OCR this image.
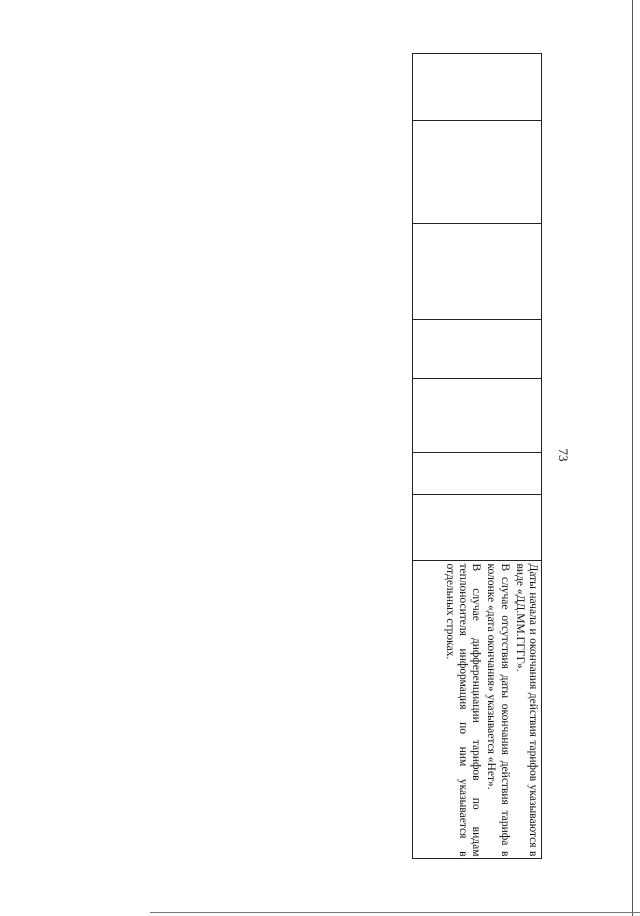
73

Даты начала и окончания действия тарифов указываются в виде «ДД.ММ.ГГГГ».

В случае отсутствия даты окончания действия тарифа в колонке «дата окончания» указывается «Нет».

В случае дифференциации тарифов по видам теплоносителя информация по ним указывается в отдельных строках.
